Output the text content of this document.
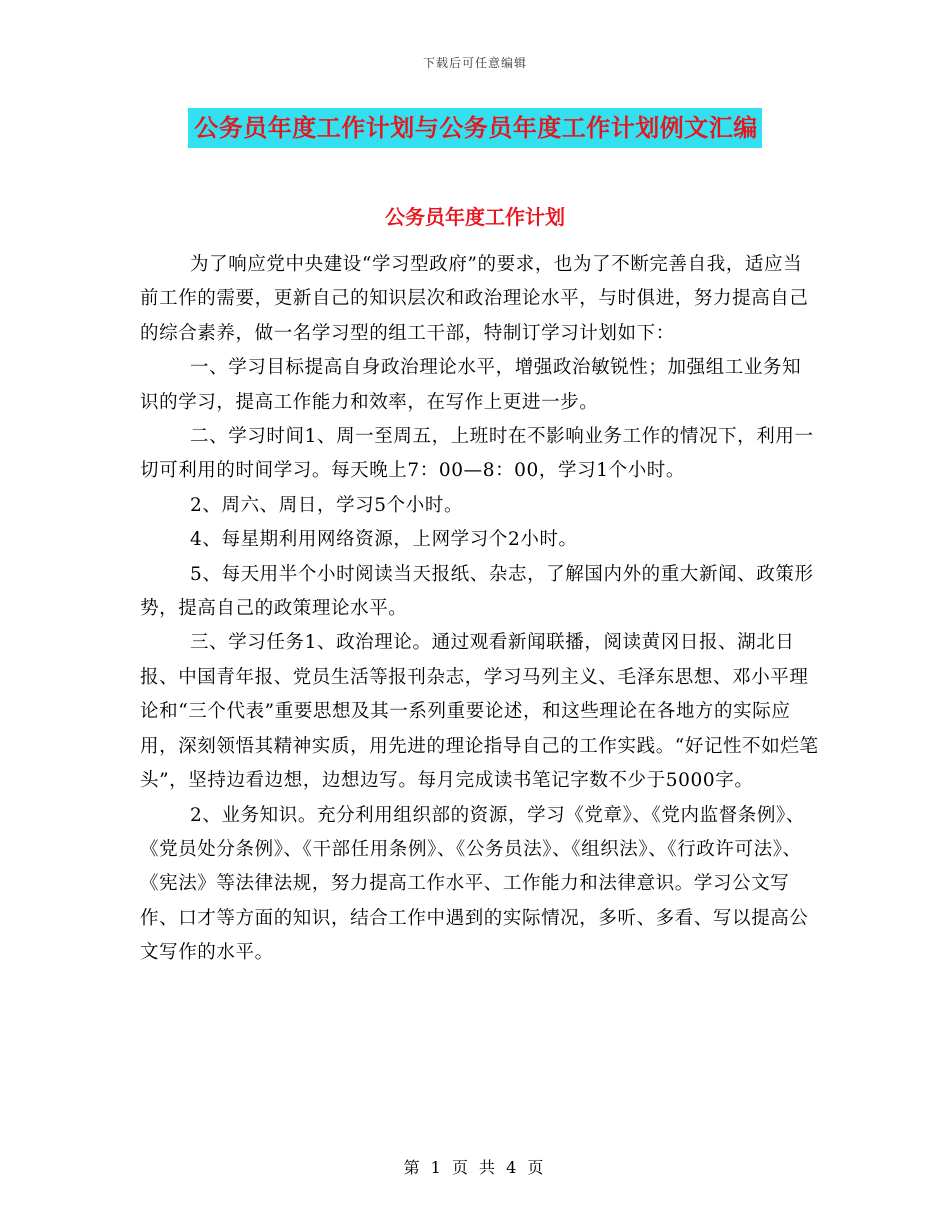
下载后可任意编辑
公务员年度工作计划与公务员年度工作计划例文汇编
公务员年度工作计划

为了响应党中央建设“学习型政府”的要求，也为了不断完善自我，适应当前工作的需要，更新自己的知识层次和政治理论水平，与时俱进，努力提高自己的综合素养，做一名学习型的组工干部，特制订学习计划如下：

一、学习目标提高自身政治理论水平，增强政治敏锐性；加强组工业务知识的学习，提高工作能力和效率，在写作上更进一步。

二、学习时间1、周一至周五，上班时在不影响业务工作的情况下，利用一切可利用的时间学习。每天晚上7：00—8：00，学习1个小时。

2、周六、周日，学习5个小时。

4、每星期利用网络资源，上网学习个2小时。

5、每天用半个小时阅读当天报纸、杂志，了解国内外的重大新闻、政策形势，提高自己的政策理论水平。

三、学习任务1、政治理论。通过观看新闻联播，阅读黄冈日报、湖北日报、中国青年报、党员生活等报刊杂志，学习马列主义、毛泽东思想、邓小平理论和“三个代表”重要思想及其一系列重要论述，和这些理论在各地方的实际应用，深刻领悟其精神实质，用先进的理论指导自己的工作实践。“好记性不如烂笔头”，坚持边看边想，边想边写。每月完成读书笔记字数不少于5000字。

2、业务知识。充分利用组织部的资源，学习《党章》、《党内监督条例》、《党员处分条例》、《干部任用条例》、《公务员法》、《组织法》、《行政许可法》、《宪法》等法律法规，努力提高工作水平、工作能力和法律意识。学习公文写作、口才等方面的知识，结合工作中遇到的实际情况，多听、多看、写以提高公文写作的水平。

第 1 页 共 4 页
